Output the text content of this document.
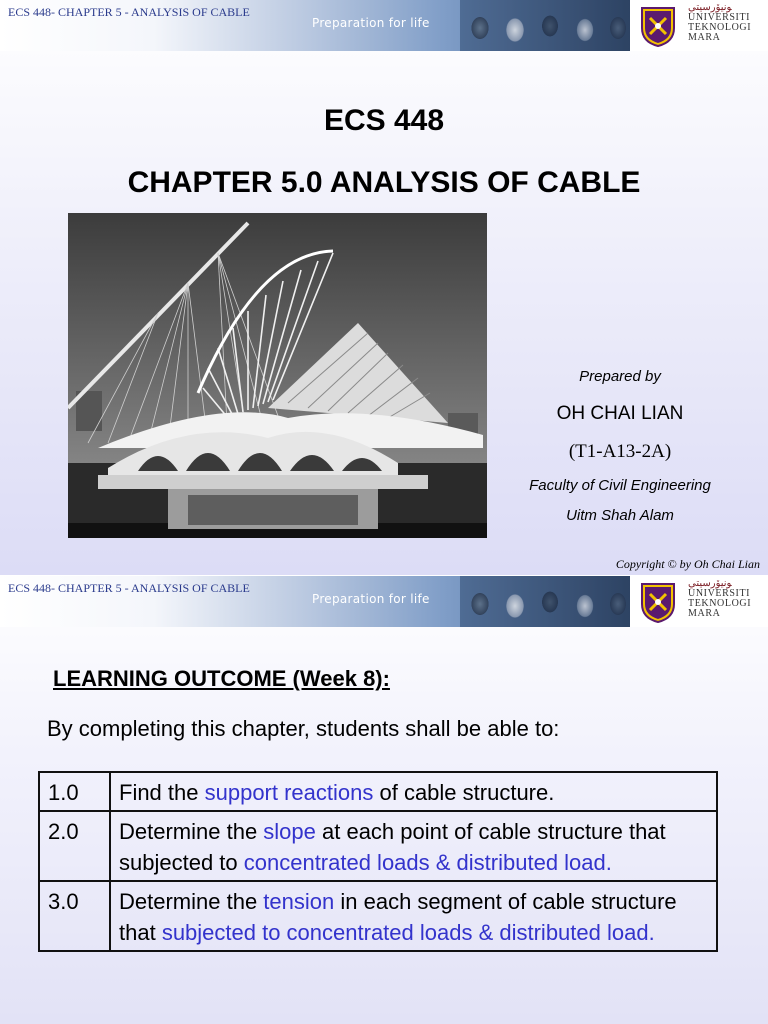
ECS 448- CHAPTER 5 - ANALYSIS OF CABLE
Preparation for life
ﻮﻧﻴﯚﺭﺳﻴﺘﻲ
UNIVERSITI
TEKNOLOGI
MARA
ECS 448
CHAPTER 5.0 ANALYSIS OF CABLE
Prepared by
OH CHAI LIAN
(T1-A13-2A)
Faculty of Civil Engineering
Uitm Shah Alam
Copyright © by Oh Chai Lian
ECS 448- CHAPTER 5 - ANALYSIS OF CABLE
Preparation for life
ﻮﻧﻴﯚﺭﺳﻴﺘﻲ
UNIVERSITI
TEKNOLOGI
MARA
LEARNING OUTCOME (Week 8):
By completing this chapter, students shall be able to:
1.0	Find the support reactions of cable structure.
2.0	Determine the slope at each point of cable structure that subjected to concentrated loads & distributed load.
3.0	Determine the tension in each segment of cable structure that subjected to concentrated loads & distributed load.
